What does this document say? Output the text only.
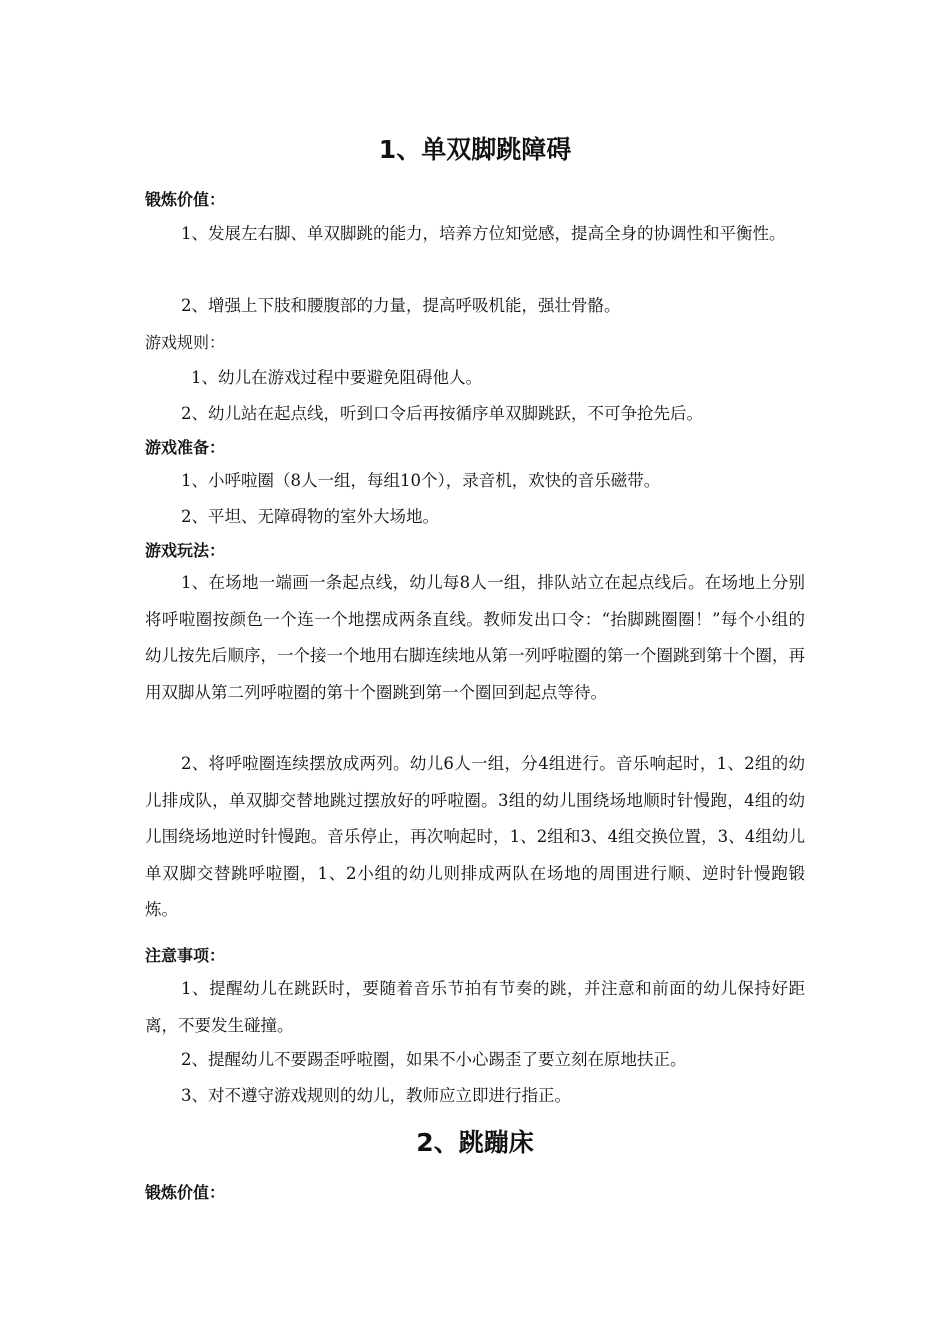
1、单双脚跳障碍
锻炼价值：
1、发展左右脚、单双脚跳的能力，培养方位知觉感，提高全身的协调性和平衡性。
2、增强上下肢和腰腹部的力量，提高呼吸机能，强壮骨骼。
游戏规则：
1、幼儿在游戏过程中要避免阻碍他人。
2、幼儿站在起点线，听到口令后再按循序单双脚跳跃，不可争抢先后。
游戏准备：
1、小呼啦圈（8人一组，每组10个），录音机，欢快的音乐磁带。
2、平坦、无障碍物的室外大场地。
游戏玩法：
1、在场地一端画一条起点线，幼儿每8人一组，排队站立在起点线后。在场地上分别将呼啦圈按颜色一个连一个地摆成两条直线。教师发出口令：“抬脚跳圈圈！”每个小组的幼儿按先后顺序，一个接一个地用右脚连续地从第一列呼啦圈的第一个圈跳到第十个圈，再用双脚从第二列呼啦圈的第十个圈跳到第一个圈回到起点等待。
2、将呼啦圈连续摆放成两列。幼儿6人一组，分4组进行。音乐响起时，1、2组的幼儿排成队，单双脚交替地跳过摆放好的呼啦圈。3组的幼儿围绕场地顺时针慢跑，4组的幼儿围绕场地逆时针慢跑。音乐停止，再次响起时，1、2组和3、4组交换位置，3、4组幼儿单双脚交替跳呼啦圈，1、2小组的幼儿则排成两队在场地的周围进行顺、逆时针慢跑锻炼。
注意事项：
1、提醒幼儿在跳跃时，要随着音乐节拍有节奏的跳，并注意和前面的幼儿保持好距离，不要发生碰撞。
2、提醒幼儿不要踢歪呼啦圈，如果不小心踢歪了要立刻在原地扶正。
3、对不遵守游戏规则的幼儿，教师应立即进行指正。
2、跳蹦床
锻炼价值：
